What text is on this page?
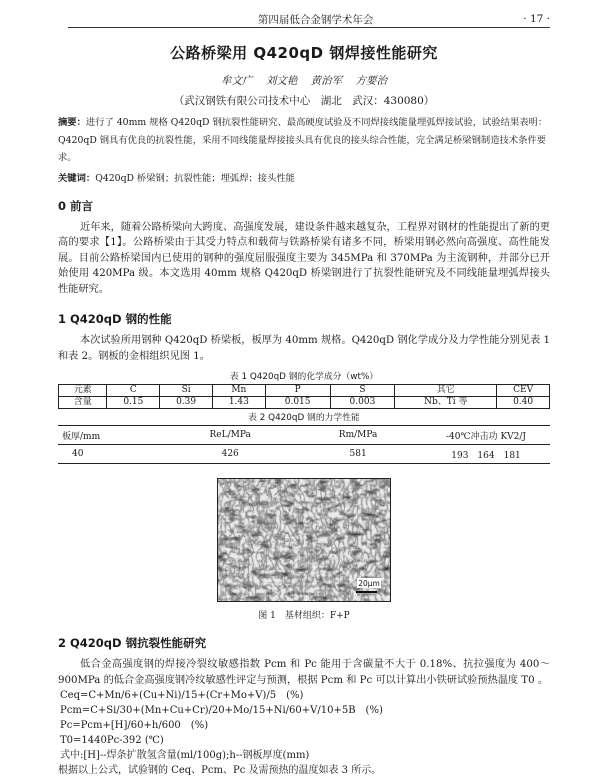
第四届低合金钢学术年会	· 17 ·
公路桥梁用 Q420qD 钢焊接性能研究
牟文广 刘文艳 黄治军 方要治
（武汉钢铁有限公司技术中心　湖北　武汉：430080）
摘要：进行了 40mm 规格 Q420qD 钢抗裂性能研究、最高硬度试验及不同焊接线能量埋弧焊接试验，试验结果表明：Q420qD 钢具有优良的抗裂性能，采用不同线能量焊接接头具有优良的接头综合性能，完全满足桥梁钢制造技术条件要求。
关键词：Q420qD 桥梁钢；抗裂性能；埋弧焊；接头性能
0 前言

近年来，随着公路桥梁向大跨度、高强度发展，建设条件越来越复杂，工程界对钢材的性能提出了新的更高的要求【1】。公路桥梁由于其受力特点和载荷与铁路桥梁有诸多不同，桥梁用钢必然向高强度、高性能发展。目前公路桥梁国内已使用的钢种的强度屈服强度主要为 345MPa 和 370MPa 为主流钢种，并部分已开始使用 420MPa 级。本文选用 40mm 规格 Q420qD 桥梁钢进行了抗裂性能研究及不同线能量埋弧焊接头性能研究。

1 Q420qD 钢的性能

本次试验所用钢种 Q420qD 桥梁板，板厚为 40mm 规格。Q420qD 钢化学成分及力学性能分别见表 1 和表 2。钢板的金相组织见图 1。

表 1 Q420qD 钢的化学成分（wt%）
元素	C	Si	Mn	P	S	其它	CEV
含量	0.15	0.39	1.43	0.015	0.003	Nb、Ti 等	0.40
表 2 Q420qD 钢的力学性能
板厚/mm	ReL/MPa	Rm/MPa	-40℃冲击功 KV2/J
40	426	581	193　164　181
20μm
图 1　基材组织：F+P
2 Q420qD 钢抗裂性能研究

低合金高强度钢的焊接冷裂纹敏感指数 Pcm 和 Pc 能用于含碳量不大于 0.18%、抗拉强度为 400～900MPa 的低合金高强度钢冷纹敏感性评定与预测，根据 Pcm 和 Pc 可以计算出小铁研试验预热温度 T0 。

Ceq=C+Mn/6+(Cu+Ni)/15+(Cr+Mo+V)/5　(%)
Pcm=C+Si/30+(Mn+Cu+Cr)/20+Mo/15+Ni/60+V/10+5B　(%)
Pc=Pcm+[H]/60+h/600　(%)
T0=1440Pc-392 (℃)
式中:[H]--焊条扩散氢含量(ml/100g);h--钢板厚度(mm)
根据以上公式，试验钢的 Ceq、Pcm、Pc 及需预热的温度如表 3 所示。
